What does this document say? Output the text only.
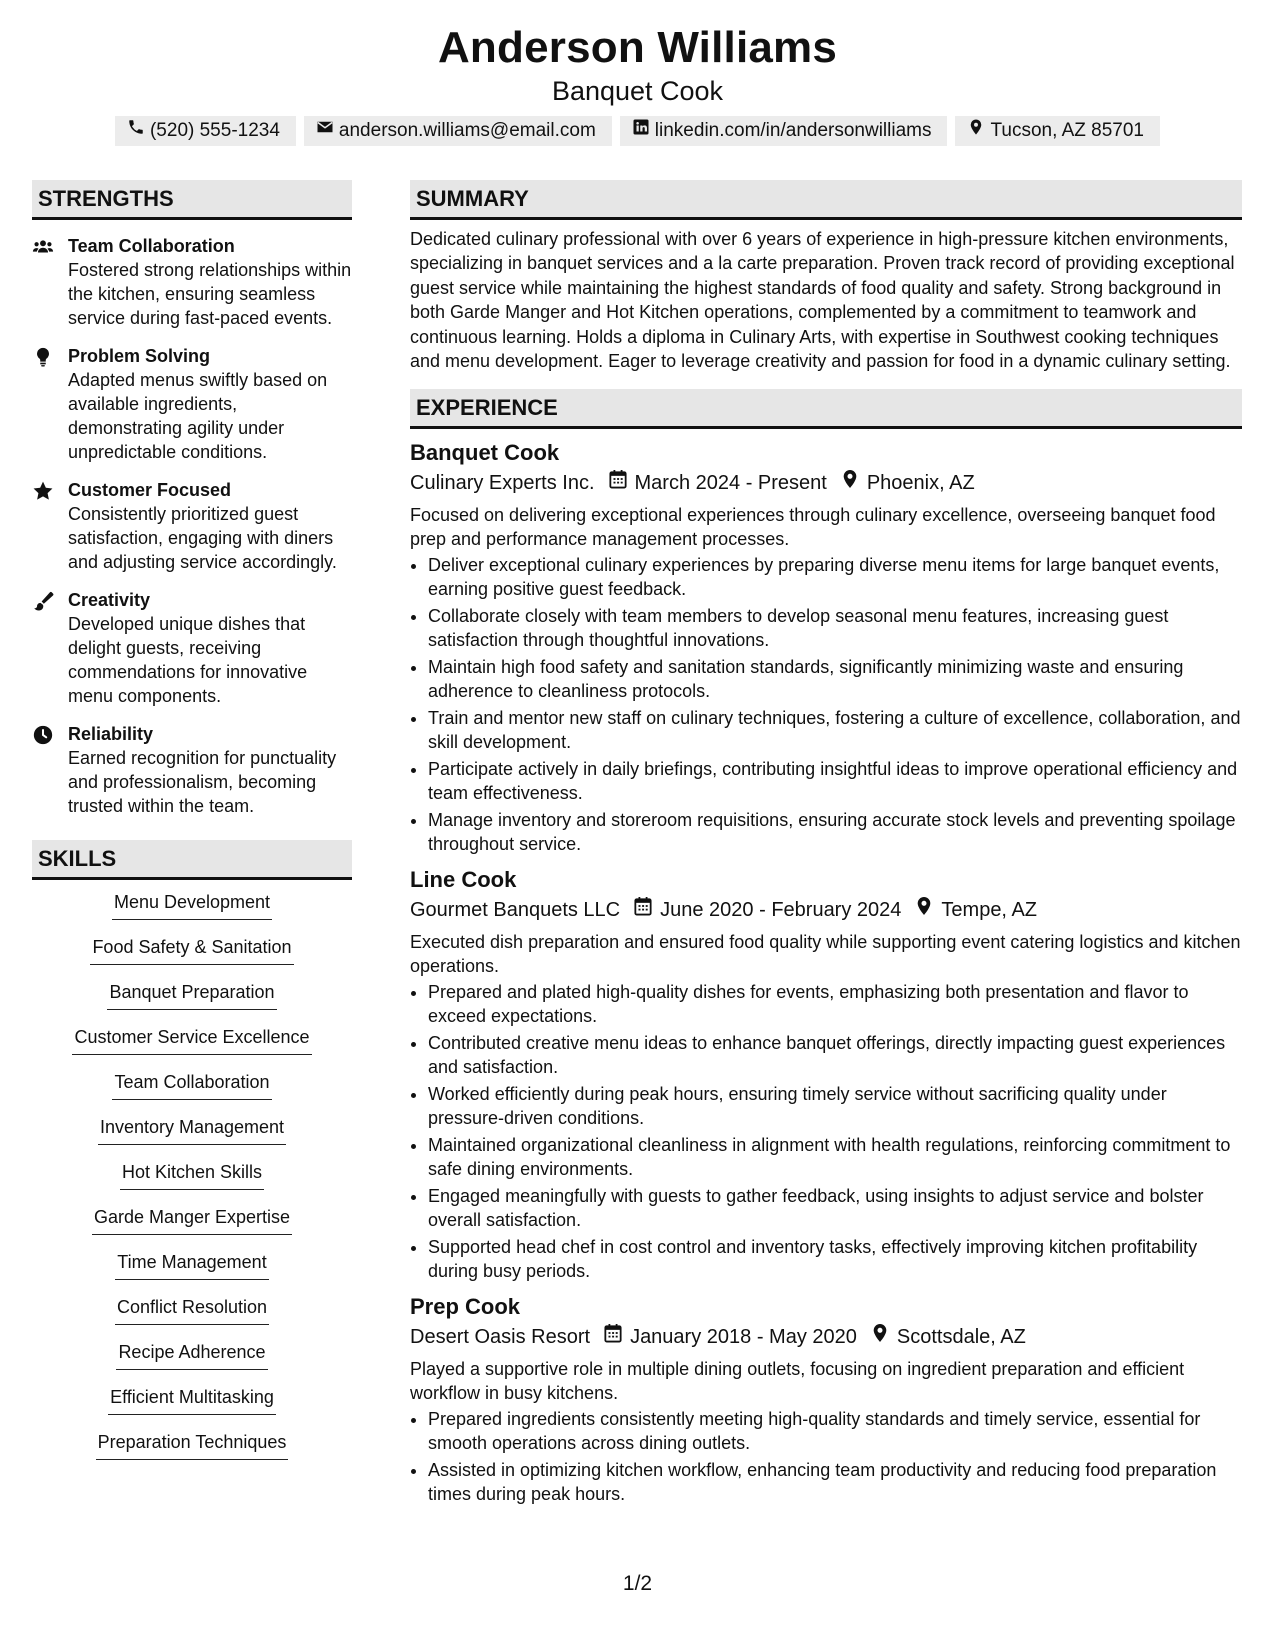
Anderson Williams
Banquet Cook
(520) 555-1234	anderson.williams@email.com	linkedin.com/in/andersonwilliams	Tucson, AZ 85701
STRENGTHS
Team Collaboration
Fostered strong relationships within the kitchen, ensuring seamless service during fast-paced events.
Problem Solving
Adapted menus swiftly based on available ingredients, demonstrating agility under unpredictable conditions.
Customer Focused
Consistently prioritized guest satisfaction, engaging with diners and adjusting service accordingly.
Creativity
Developed unique dishes that delight guests, receiving commendations for innovative menu components.
Reliability
Earned recognition for punctuality and professionalism, becoming trusted within the team.
SKILLS
Menu Development
Food Safety & Sanitation
Banquet Preparation
Customer Service Excellence
Team Collaboration
Inventory Management
Hot Kitchen Skills
Garde Manger Expertise
Time Management
Conflict Resolution
Recipe Adherence
Efficient Multitasking
Preparation Techniques
SUMMARY
Dedicated culinary professional with over 6 years of experience in high-pressure kitchen environments, specializing in banquet services and a la carte preparation. Proven track record of providing exceptional guest service while maintaining the highest standards of food quality and safety. Strong background in both Garde Manger and Hot Kitchen operations, complemented by a commitment to teamwork and continuous learning. Holds a diploma in Culinary Arts, with expertise in Southwest cooking techniques and menu development. Eager to leverage creativity and passion for food in a dynamic culinary setting.
EXPERIENCE
Banquet Cook
Culinary Experts Inc. March 2024 - Present Phoenix, AZ
Focused on delivering exceptional experiences through culinary excellence, overseeing banquet food prep and performance management processes.
• Deliver exceptional culinary experiences by preparing diverse menu items for large banquet events, earning positive guest feedback.
• Collaborate closely with team members to develop seasonal menu features, increasing guest satisfaction through thoughtful innovations.
• Maintain high food safety and sanitation standards, significantly minimizing waste and ensuring adherence to cleanliness protocols.
• Train and mentor new staff on culinary techniques, fostering a culture of excellence, collaboration, and skill development.
• Participate actively in daily briefings, contributing insightful ideas to improve operational efficiency and team effectiveness.
• Manage inventory and storeroom requisitions, ensuring accurate stock levels and preventing spoilage throughout service.
Line Cook
Gourmet Banquets LLC June 2020 - February 2024 Tempe, AZ
Executed dish preparation and ensured food quality while supporting event catering logistics and kitchen operations.
• Prepared and plated high-quality dishes for events, emphasizing both presentation and flavor to exceed expectations.
• Contributed creative menu ideas to enhance banquet offerings, directly impacting guest experiences and satisfaction.
• Worked efficiently during peak hours, ensuring timely service without sacrificing quality under pressure-driven conditions.
• Maintained organizational cleanliness in alignment with health regulations, reinforcing commitment to safe dining environments.
• Engaged meaningfully with guests to gather feedback, using insights to adjust service and bolster overall satisfaction.
• Supported head chef in cost control and inventory tasks, effectively improving kitchen profitability during busy periods.
Prep Cook
Desert Oasis Resort January 2018 - May 2020 Scottsdale, AZ
Played a supportive role in multiple dining outlets, focusing on ingredient preparation and efficient workflow in busy kitchens.
• Prepared ingredients consistently meeting high-quality standards and timely service, essential for smooth operations across dining outlets.
• Assisted in optimizing kitchen workflow, enhancing team productivity and reducing food preparation times during peak hours.
1/2
